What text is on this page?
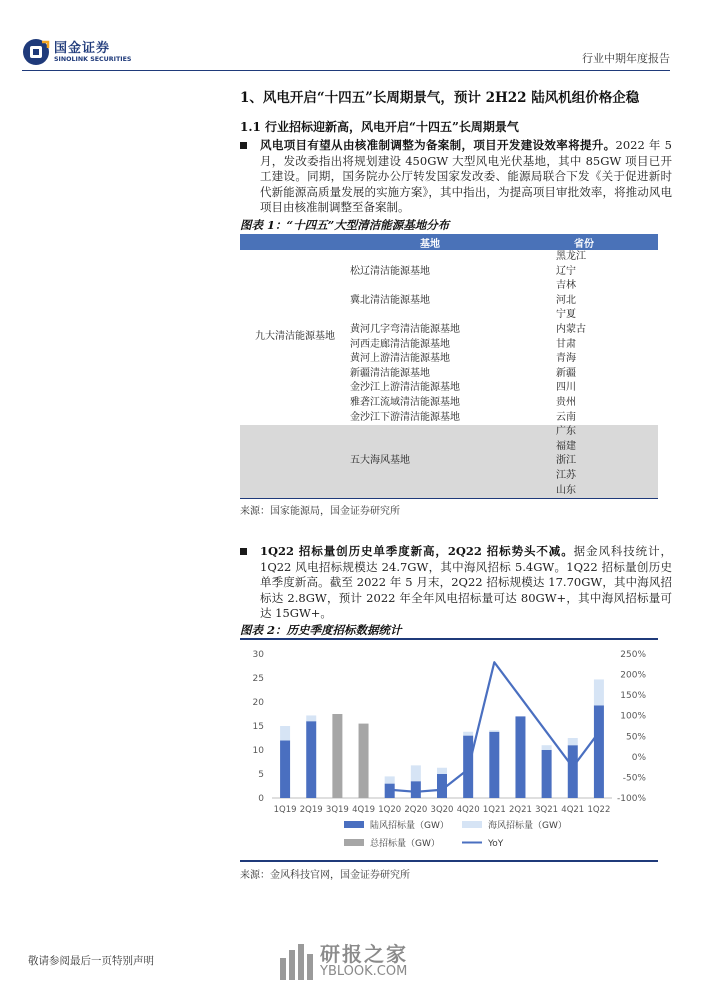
国金证券
SINOLINK SECURITIES	行业中期年度报告
1、风电开启“十四五”长周期景气，预计 2H22 陆风机组价格企稳
1.1 行业招标迎新高，风电开启“十四五”长周期景气
风电项目有望从由核准制调整为备案制，项目开发建设效率将提升。2022 年 5 月，发改委指出将规划建设 450GW 大型风电光伏基地，其中 85GW 项目已开工建设。同期，国务院办公厅转发国家发改委、能源局联合下发《关于促进新时代新能源高质量发展的实施方案》，其中指出，为提高项目审批效率，将推动风电项目由核准制调整至备案制。
图表 1：“十四五”大型清洁能源基地分布
	基地	省份
九大清洁能源基地		黑龙江
	松辽清洁能源基地	辽宁
		吉林
	冀北清洁能源基地	河北
		宁夏
	黄河几字弯清洁能源基地	内蒙古
	河西走廊清洁能源基地	甘肃
	黄河上游清洁能源基地	青海
	新疆清洁能源基地	新疆
	金沙江上游清洁能源基地	四川
	雅砻江流域清洁能源基地	贵州
	金沙江下游清洁能源基地	云南
	五大海风基地	广东
		福建
		浙江
		江苏
		山东
来源：国家能源局，国金证券研究所
1Q22 招标量创历史单季度新高，2Q22 招标势头不减。据金风科技统计，1Q22 风电招标规模达 24.7GW，其中海风招标 5.4GW。1Q22 招标量创历史单季度新高。截至 2022 年 5 月末，2Q22 招标规模达 17.70GW，其中海风招标达 2.8GW，预计 2022 年全年风电招标量可达 80GW+，其中海风招标量可达 15GW+。
图表 2：历史季度招标数据统计
0
5
10
15
20
25
30
-100%
-50%
0%
50%
100%
150%
200%
250%
1Q19 2Q19 3Q19 4Q19 1Q20 2Q20 3Q20 4Q20 1Q21 2Q21 3Q21 4Q21 1Q22
陆风招标量（GW）	海风招标量（GW）
总招标量（GW）	YoY
来源：金风科技官网，国金证券研究所
敬请参阅最后一页特别声明	研报之家
YBLOOK.COM
